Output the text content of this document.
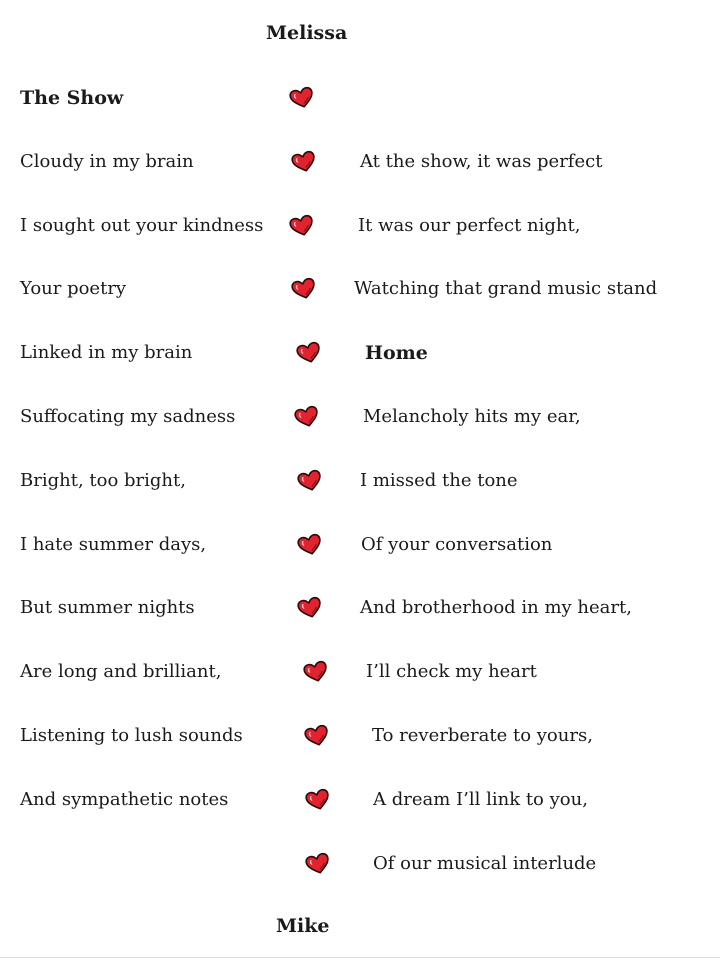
Melissa
The Show
Cloudy in my brain	At the show, it was perfect
I sought out your kindness	It was our perfect night,
Your poetry	Watching that grand music stand
Linked in my brain	Home
Suffocating my sadness	Melancholy hits my ear,
Bright, too bright,	I missed the tone
I hate summer days,	Of your conversation
But summer nights	And brotherhood in my heart,
Are long and brilliant,	I’ll check my heart
Listening to lush sounds	To reverberate to yours,
And sympathetic notes	A dream I’ll link to you,
Of our musical interlude
Mike
